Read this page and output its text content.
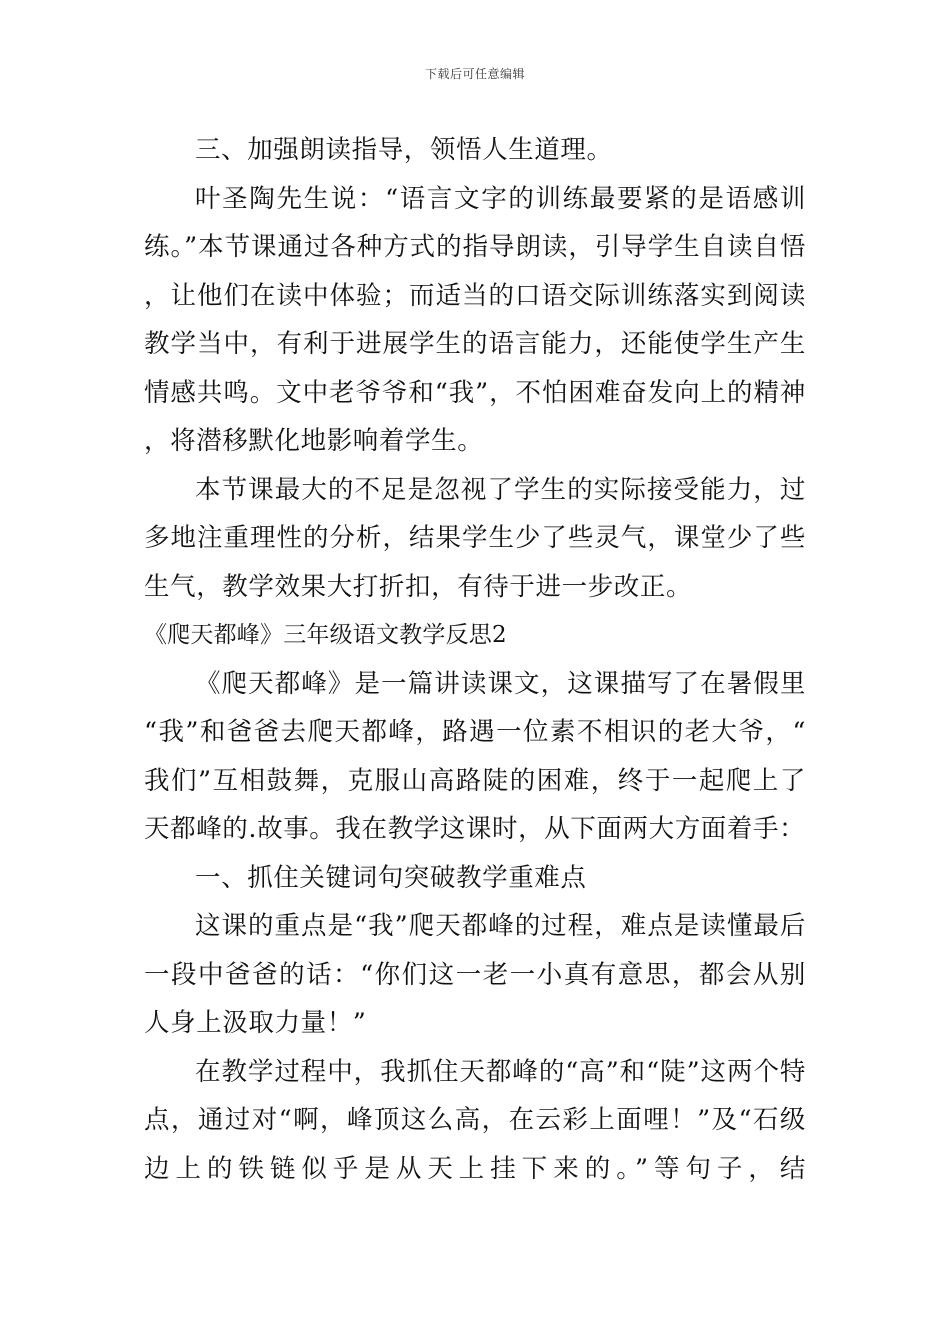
下载后可任意编辑

三、加强朗读指导，领悟人生道理。

叶圣陶先生说：“语言文字的训练最要紧的是语感训练。”本节课通过各种方式的指导朗读，引导学生自读自悟，让他们在读中体验；而适当的口语交际训练落实到阅读教学当中，有利于进展学生的语言能力，还能使学生产生情感共鸣。文中老爷爷和“我”，不怕困难奋发向上的精神，将潜移默化地影响着学生。

本节课最大的不足是忽视了学生的实际接受能力，过多地注重理性的分析，结果学生少了些灵气，课堂少了些生气，教学效果大打折扣，有待于进一步改正。

《爬天都峰》三年级语文教学反思2

《爬天都峰》是一篇讲读课文，这课描写了在暑假里“我”和爸爸去爬天都峰，路遇一位素不相识的老大爷，“我们”互相鼓舞，克服山高路陡的困难，终于一起爬上了天都峰的.故事。我在教学这课时，从下面两大方面着手：

一、抓住关键词句突破教学重难点

这课的重点是“我”爬天都峰的过程，难点是读懂最后一段中爸爸的话：“你们这一老一小真有意思，都会从别人身上汲取力量！”

在教学过程中，我抓住天都峰的“高”和“陡”这两个特点，通过对“啊，峰顶这么高，在云彩上面哩！”及“石级边上的铁链似乎是从天上挂下来的。”等句子，结
